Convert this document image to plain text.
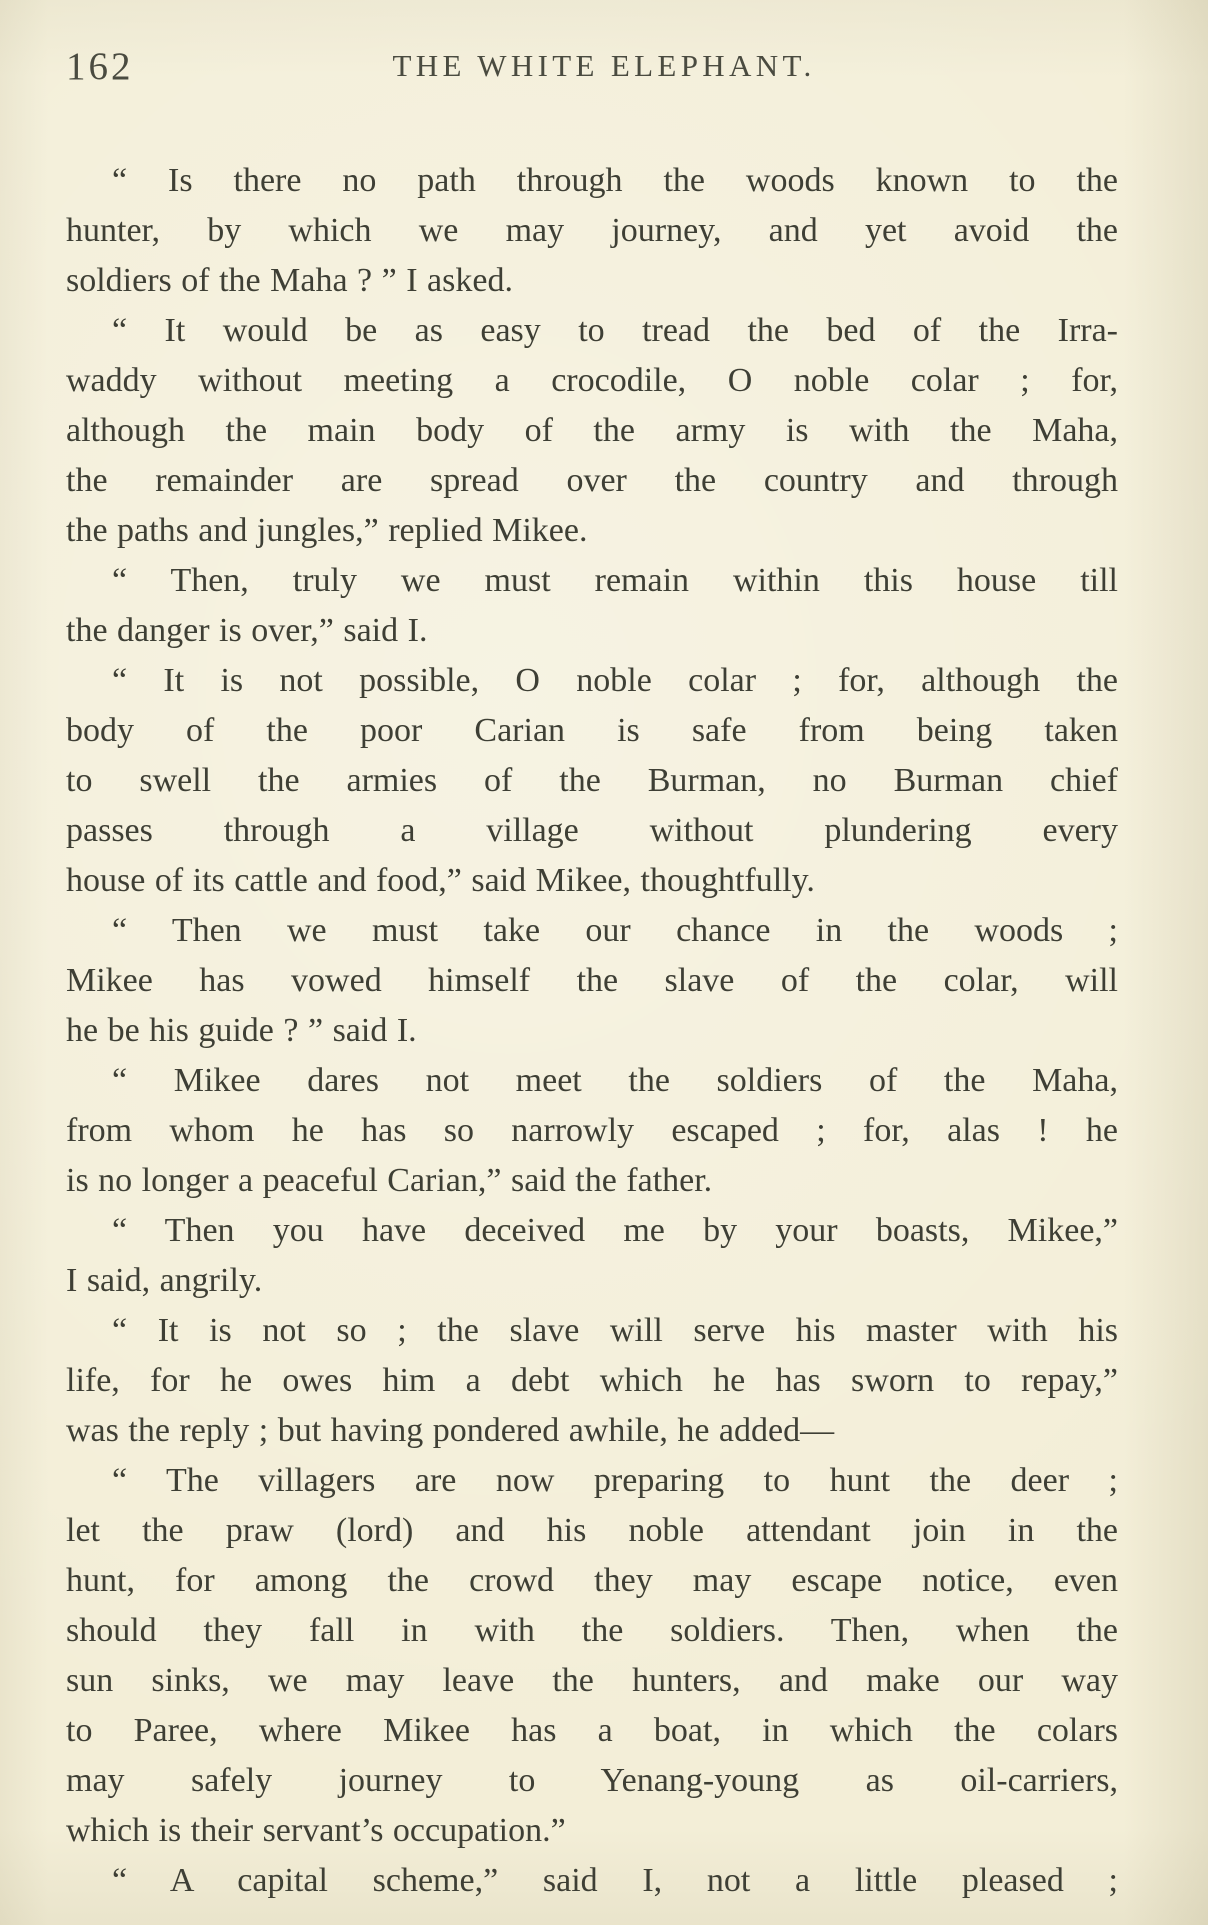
162	THE WHITE ELEPHANT.
“ Is there no path through the woods known to the
hunter, by which we may journey, and yet avoid the
soldiers of the Maha ? ” I asked.
“ It would be as easy to tread the bed of the Irra-
waddy without meeting a crocodile, O noble colar ; for,
although the main body of the army is with the Maha,
the remainder are spread over the country and through
the paths and jungles,” replied Mikee.
“ Then, truly we must remain within this house till
the danger is over,” said I.
“ It is not possible, O noble colar ; for, although the
body of the poor Carian is safe from being taken
to swell the armies of the Burman, no Burman chief
passes through a village without plundering every
house of its cattle and food,” said Mikee, thoughtfully.
“ Then we must take our chance in the woods ;
Mikee has vowed himself the slave of the colar, will
he be his guide ? ” said I.
“ Mikee dares not meet the soldiers of the Maha,
from whom he has so narrowly escaped ; for, alas ! he
is no longer a peaceful Carian,” said the father.
“ Then you have deceived me by your boasts, Mikee,”
I said, angrily.
“ It is not so ; the slave will serve his master with his
life, for he owes him a debt which he has sworn to repay,”
was the reply ; but having pondered awhile, he added—
“ The villagers are now preparing to hunt the deer ;
let the praw (lord) and his noble attendant join in the
hunt, for among the crowd they may escape notice, even
should they fall in with the soldiers. Then, when the
sun sinks, we may leave the hunters, and make our way
to Paree, where Mikee has a boat, in which the colars
may safely journey to Yenang-young as oil-carriers,
which is their servant’s occupation.”
“ A capital scheme,” said I, not a little pleased ;
